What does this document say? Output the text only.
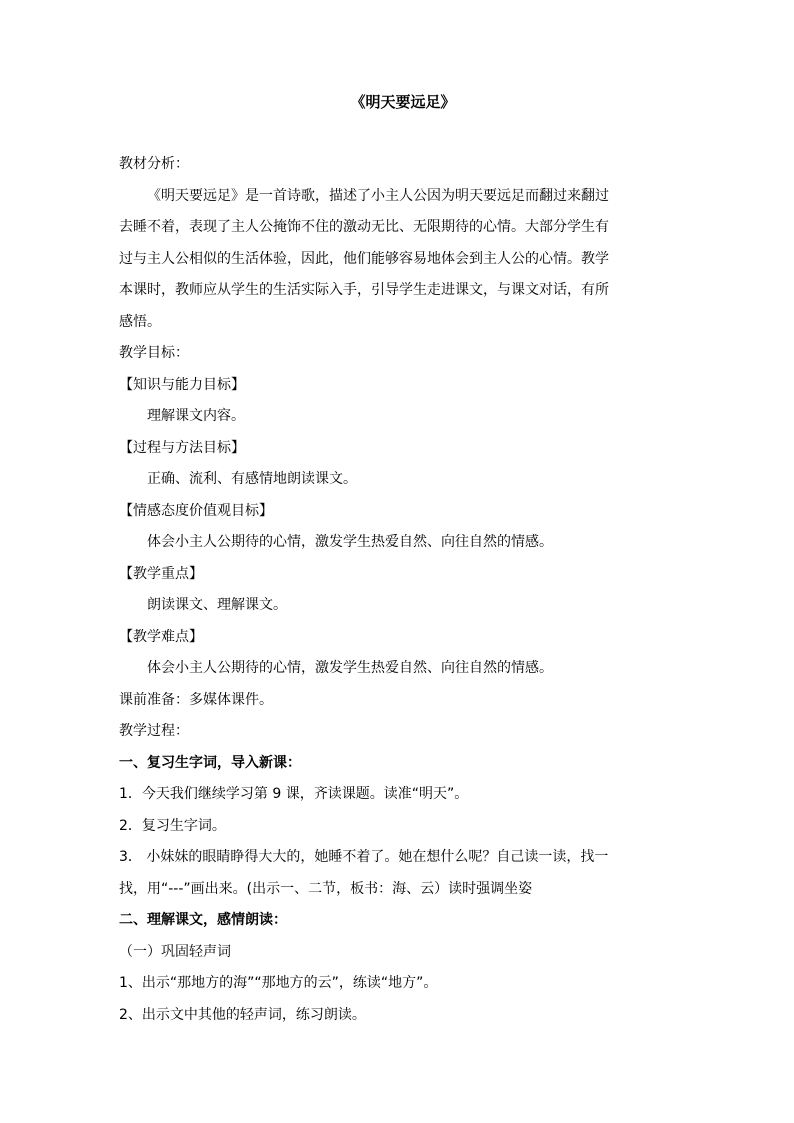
《明天要远足》
教材分析：
《明天要远足》是一首诗歌，描述了小主人公因为明天要远足而翻过来翻过
去睡不着，表现了主人公掩饰不住的激动无比、无限期待的心情。大部分学生有
过与主人公相似的生活体验，因此，他们能够容易地体会到主人公的心情。教学
本课时，教师应从学生的生活实际入手，引导学生走进课文，与课文对话，有所
感悟。
教学目标：
【知识与能力目标】
理解课文内容。
【过程与方法目标】
正确、流利、有感情地朗读课文。
【情感态度价值观目标】
体会小主人公期待的心情，激发学生热爱自然、向往自然的情感。
【教学重点】
朗读课文、理解课文。
【教学难点】
体会小主人公期待的心情，激发学生热爱自然、向往自然的情感。
课前准备：多媒体课件。
教学过程：
一、复习生字词，导入新课：
1．今天我们继续学习第 9 课，齐读课题。读准“明天”。
2．复习生字词。
3． 小妹妹的眼睛睁得大大的，她睡不着了。她在想什么呢？自己读一读，找一
找，用“---”画出来。(出示一、二节，板书：海、云）读时强调坐姿
二、理解课文，感情朗读：
（一）巩固轻声词
1、出示“那地方的海”“那地方的云”，练读“地方”。
2、出示文中其他的轻声词，练习朗读。
